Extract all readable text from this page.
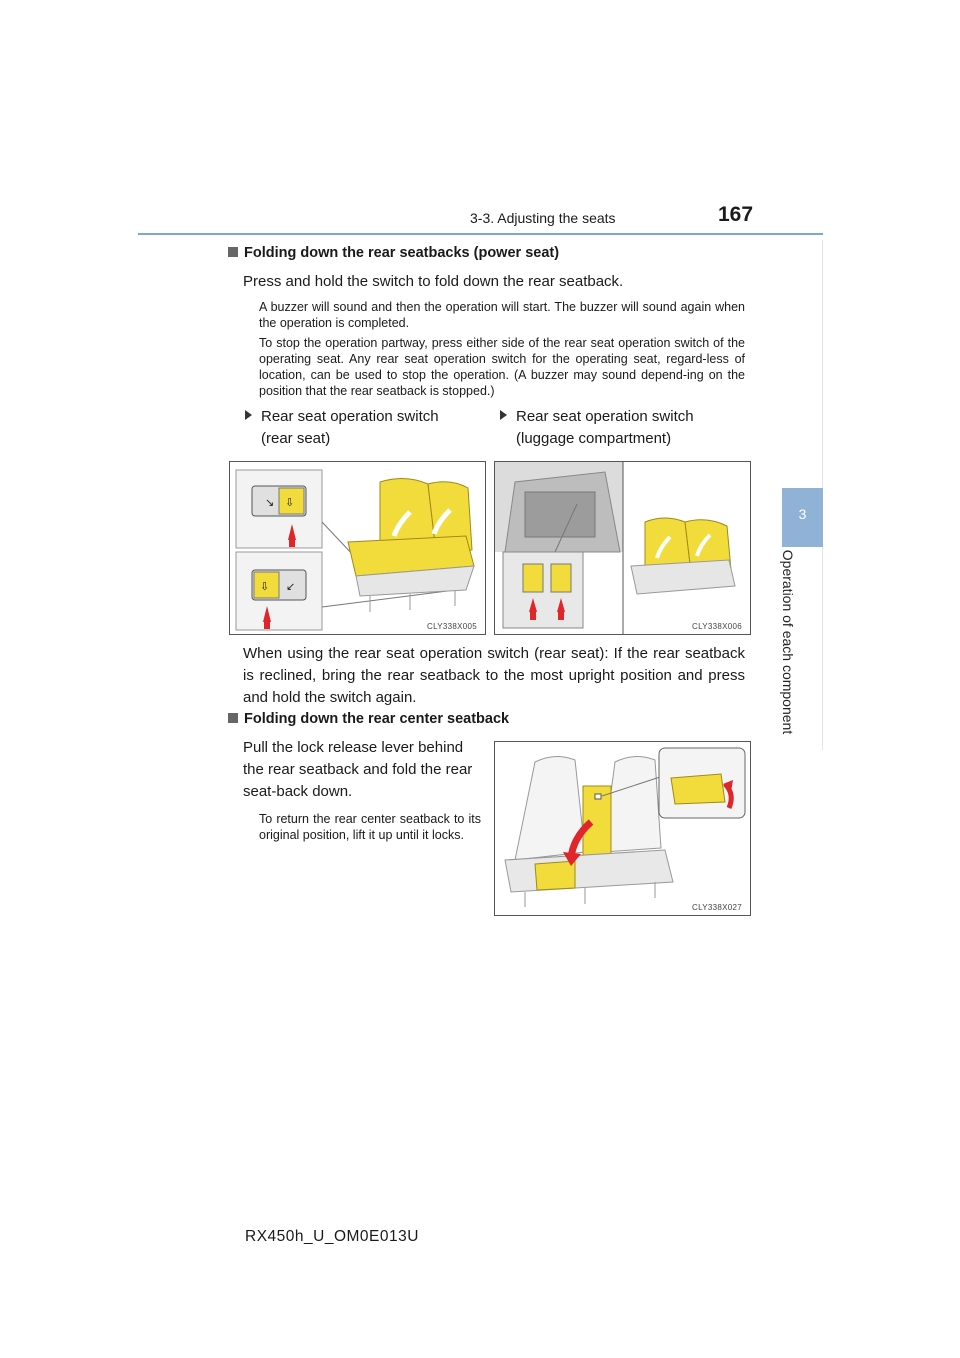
3-3. Adjusting the seats	167
3
Operation of each component
Folding down the rear seatbacks (power seat)
Press and hold the switch to fold down the rear seatback.
A buzzer will sound and then the operation will start. The buzzer will sound again when the operation is completed.
To stop the operation partway, press either side of the rear seat operation switch of the operating seat. Any rear seat operation switch for the operating seat, regard-less of location, can be used to stop the operation. (A buzzer may sound depend-ing on the position that the rear seatback is stopped.)
Rear seat operation switch
(rear seat)
Rear seat operation switch
(luggage compartment)
↘ ⇩
⇩ ↙
CLY338X005	CLY338X006
When using the rear seat operation switch (rear seat): If the rear seatback is reclined, bring the rear seatback to the most upright position and press and hold the switch again.
Folding down the rear center seatback
Pull the lock release lever behind the rear seatback and fold the rear seat-back down.
To return the rear center seatback to its original position, lift it up until it locks.
CLY338X027
RX450h_U_OM0E013U
